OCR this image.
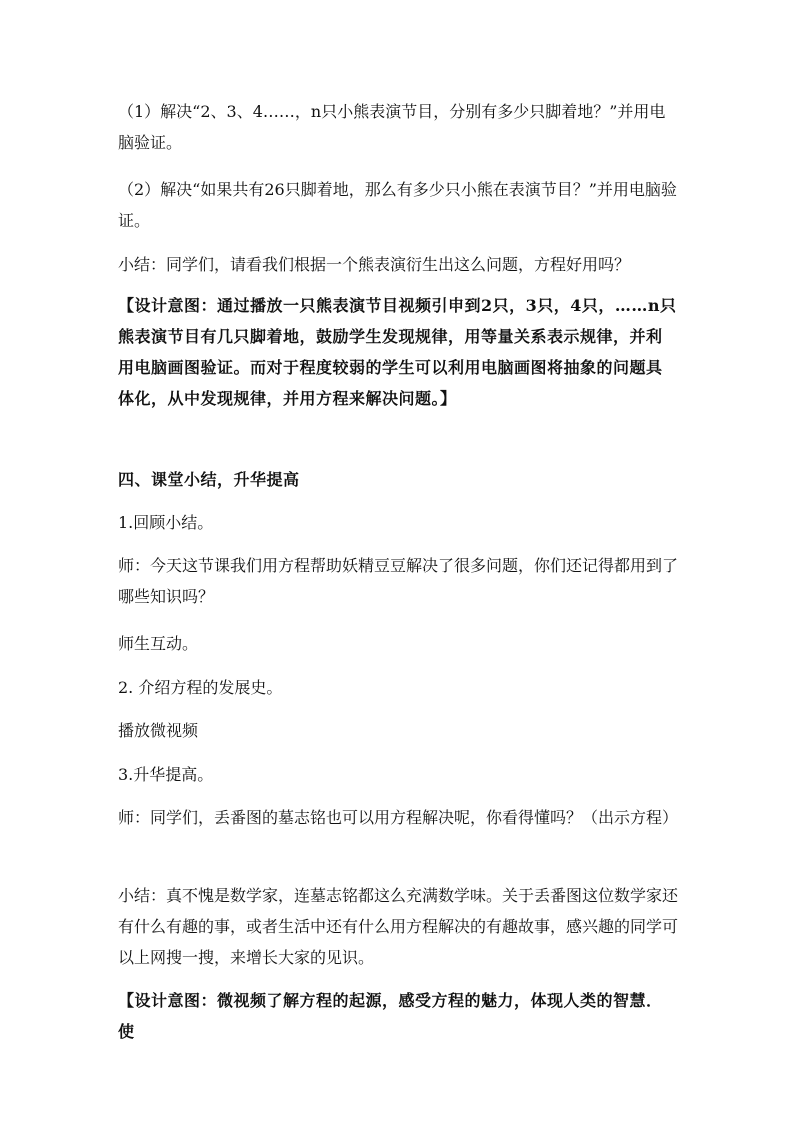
（1）解决“2、3、4……，n只小熊表演节目，分别有多少只脚着地？”并用电脑验证。

（2）解决“如果共有26只脚着地，那么有多少只小熊在表演节目？”并用电脑验证。

小结：同学们，请看我们根据一个熊表演衍生出这么问题，方程好用吗？

【设计意图：通过播放一只熊表演节目视频引申到2只，3只，4只，……n只熊表演节目有几只脚着地，鼓励学生发现规律，用等量关系表示规律，并利用电脑画图验证。而对于程度较弱的学生可以利用电脑画图将抽象的问题具体化，从中发现规律，并用方程来解决问题。】

四、课堂小结，升华提高

1.回顾小结。

师：今天这节课我们用方程帮助妖精豆豆解决了很多问题，你们还记得都用到了哪些知识吗？

师生互动。

2. 介绍方程的发展史。

播放微视频

3.升华提高。

师：同学们，丢番图的墓志铭也可以用方程解决呢，你看得懂吗？（出示方程）

小结：真不愧是数学家，连墓志铭都这么充满数学味。关于丢番图这位数学家还有什么有趣的事，或者生活中还有什么用方程解决的有趣故事，感兴趣的同学可以上网搜一搜，来增长大家的见识。

【设计意图：微视频了解方程的起源，感受方程的魅力，体现人类的智慧．使
